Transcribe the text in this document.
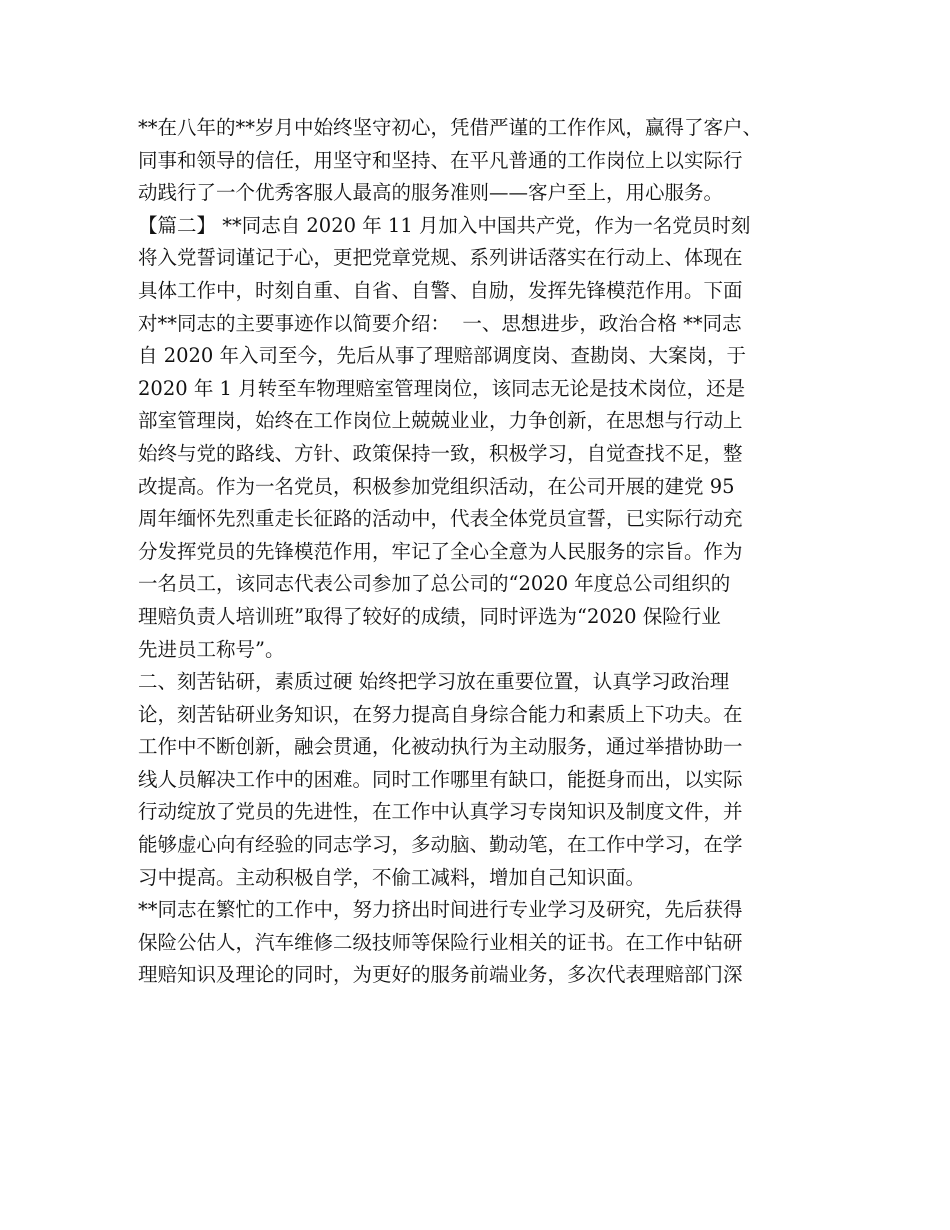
**在八年的**岁月中始终坚守初心，凭借严谨的工作作风，赢得了客户、
同事和领导的信任，用坚守和坚持、在平凡普通的工作岗位上以实际行
动践行了一个优秀客服人最高的服务准则——客户至上，用心服务。
【篇二】 **同志自 2020 年 11 月加入中国共产党，作为一名党员时刻
将入党誓词谨记于心，更把党章党规、系列讲话落实在行动上、体现在
具体工作中，时刻自重、自省、自警、自励，发挥先锋模范作用。下面
对**同志的主要事迹作以简要介绍：  一、思想进步，政治合格 **同志
自 2020 年入司至今，先后从事了理赔部调度岗、查勘岗、大案岗，于
2020 年 1 月转至车物理赔室管理岗位，该同志无论是技术岗位，还是
部室管理岗，始终在工作岗位上兢兢业业，力争创新，在思想与行动上
始终与党的路线、方针、政策保持一致，积极学习，自觉查找不足，整
改提高。作为一名党员，积极参加党组织活动，在公司开展的建党 95
周年缅怀先烈重走长征路的活动中，代表全体党员宣誓，已实际行动充
分发挥党员的先锋模范作用，牢记了全心全意为人民服务的宗旨。作为
一名员工，该同志代表公司参加了总公司的“2020 年度总公司组织的
理赔负责人培训班”取得了较好的成绩，同时评选为“2020 保险行业
先进员工称号”。
二、刻苦钻研，素质过硬 始终把学习放在重要位置，认真学习政治理
论，刻苦钻研业务知识，在努力提高自身综合能力和素质上下功夫。在
工作中不断创新，融会贯通，化被动执行为主动服务，通过举措协助一
线人员解决工作中的困难。同时工作哪里有缺口，能挺身而出，以实际
行动绽放了党员的先进性，在工作中认真学习专岗知识及制度文件，并
能够虚心向有经验的同志学习，多动脑、勤动笔，在工作中学习，在学
习中提高。主动积极自学，不偷工减料，增加自己知识面。
**同志在繁忙的工作中，努力挤出时间进行专业学习及研究，先后获得
保险公估人，汽车维修二级技师等保险行业相关的证书。在工作中钻研
理赔知识及理论的同时，为更好的服务前端业务，多次代表理赔部门深
